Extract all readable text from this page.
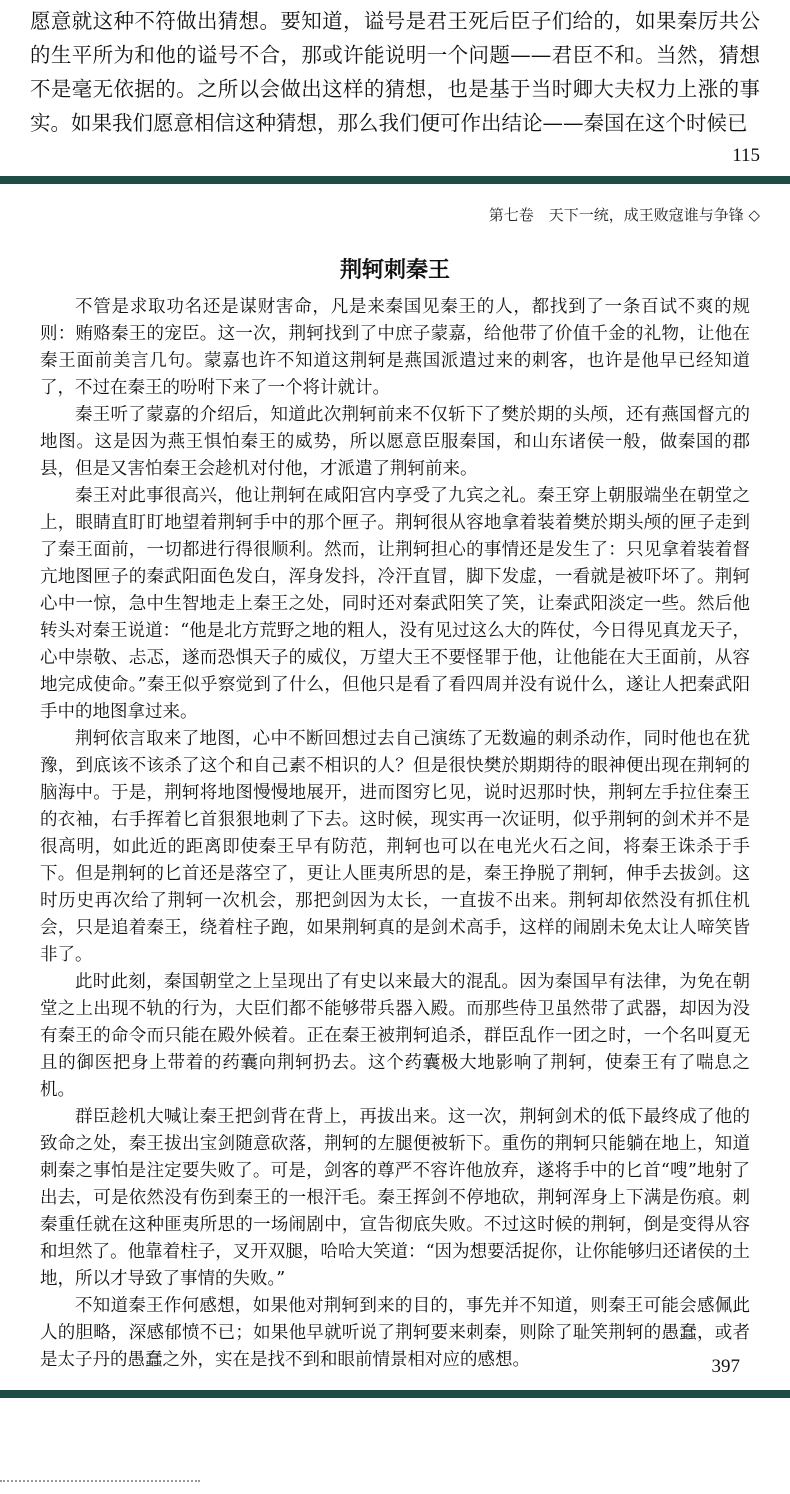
愿意就这种不符做出猜想。要知道，谥号是君王死后臣子们给的，如果秦厉共公的生平所为和他的谥号不合，那或许能说明一个问题——君臣不和。当然，猜想不是毫无依据的。之所以会做出这样的猜想，也是基于当时卿大夫权力上涨的事实。如果我们愿意相信这种猜想，那么我们便可作出结论——秦国在这个时候已

115
第七卷　天下一统，成王败寇谁与争锋 ◇
荆轲刺秦王

不管是求取功名还是谋财害命，凡是来秦国见秦王的人，都找到了一条百试不爽的规则：贿赂秦王的宠臣。这一次，荆轲找到了中庶子蒙嘉，给他带了价值千金的礼物，让他在秦王面前美言几句。蒙嘉也许不知道这荆轲是燕国派遣过来的刺客，也许是他早已经知道了，不过在秦王的吩咐下来了一个将计就计。

秦王听了蒙嘉的介绍后，知道此次荆轲前来不仅斩下了樊於期的头颅，还有燕国督亢的地图。这是因为燕王惧怕秦王的威势，所以愿意臣服秦国，和山东诸侯一般，做秦国的郡县，但是又害怕秦王会趁机对付他，才派遣了荆轲前来。

秦王对此事很高兴，他让荆轲在咸阳宫内享受了九宾之礼。秦王穿上朝服端坐在朝堂之上，眼睛直盯盯地望着荆轲手中的那个匣子。荆轲很从容地拿着装着樊於期头颅的匣子走到了秦王面前，一切都进行得很顺利。然而，让荆轲担心的事情还是发生了：只见拿着装着督亢地图匣子的秦武阳面色发白，浑身发抖，冷汗直冒，脚下发虚，一看就是被吓坏了。荆轲心中一惊，急中生智地走上秦王之处，同时还对秦武阳笑了笑，让秦武阳淡定一些。然后他转头对秦王说道：“他是北方荒野之地的粗人，没有见过这么大的阵仗，今日得见真龙天子，心中崇敬、忐忑，遂而恐惧天子的威仪，万望大王不要怪罪于他，让他能在大王面前，从容地完成使命。”秦王似乎察觉到了什么，但他只是看了看四周并没有说什么，遂让人把秦武阳手中的地图拿过来。

荆轲依言取来了地图，心中不断回想过去自己演练了无数遍的刺杀动作，同时他也在犹豫，到底该不该杀了这个和自己素不相识的人？但是很快樊於期期待的眼神便出现在荆轲的脑海中。于是，荆轲将地图慢慢地展开，进而图穷匕见，说时迟那时快，荆轲左手拉住秦王的衣袖，右手挥着匕首狠狠地刺了下去。这时候，现实再一次证明，似乎荆轲的剑术并不是很高明，如此近的距离即使秦王早有防范，荆轲也可以在电光火石之间，将秦王诛杀于手下。但是荆轲的匕首还是落空了，更让人匪夷所思的是，秦王挣脱了荆轲，伸手去拔剑。这时历史再次给了荆轲一次机会，那把剑因为太长，一直拔不出来。荆轲却依然没有抓住机会，只是追着秦王，绕着柱子跑，如果荆轲真的是剑术高手，这样的闹剧未免太让人啼笑皆非了。

此时此刻，秦国朝堂之上呈现出了有史以来最大的混乱。因为秦国早有法律，为免在朝堂之上出现不轨的行为，大臣们都不能够带兵器入殿。而那些侍卫虽然带了武器，却因为没有秦王的命令而只能在殿外候着。正在秦王被荆轲追杀，群臣乱作一团之时，一个名叫夏无且的御医把身上带着的药囊向荆轲扔去。这个药囊极大地影响了荆轲，使秦王有了喘息之机。

群臣趁机大喊让秦王把剑背在背上，再拔出来。这一次，荆轲剑术的低下最终成了他的致命之处，秦王拔出宝剑随意砍落，荆轲的左腿便被斩下。重伤的荆轲只能躺在地上，知道刺秦之事怕是注定要失败了。可是，剑客的尊严不容许他放弃，遂将手中的匕首“嗖”地射了出去，可是依然没有伤到秦王的一根汗毛。秦王挥剑不停地砍，荆轲浑身上下满是伤痕。刺秦重任就在这种匪夷所思的一场闹剧中，宣告彻底失败。不过这时候的荆轲，倒是变得从容和坦然了。他靠着柱子，叉开双腿，哈哈大笑道：“因为想要活捉你，让你能够归还诸侯的土地，所以才导致了事情的失败。”

不知道秦王作何感想，如果他对荆轲到来的目的，事先并不知道，则秦王可能会感佩此人的胆略，深感郁愤不已；如果他早就听说了荆轲要来刺秦，则除了耻笑荆轲的愚蠢，或者是太子丹的愚蠢之外，实在是找不到和眼前情景相对应的感想。	397
